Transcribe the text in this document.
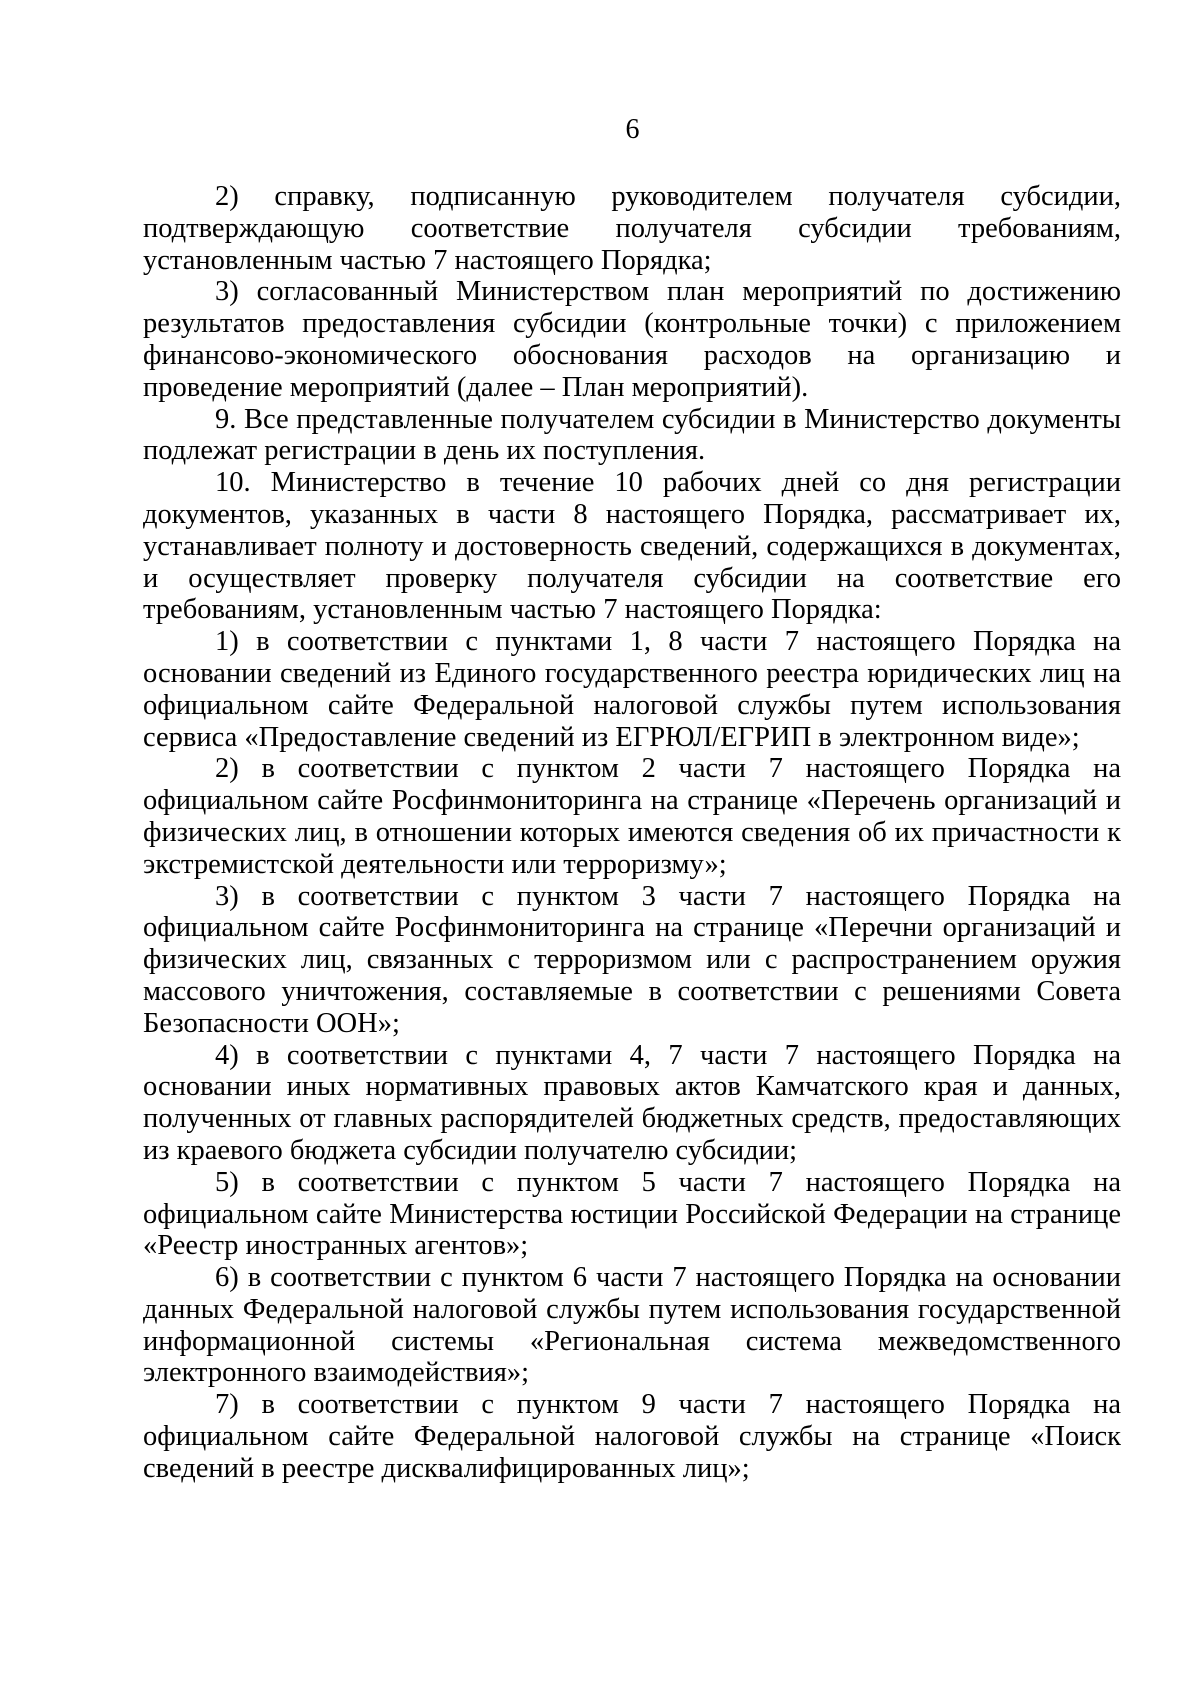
6

2) справку, подписанную руководителем получателя субсидии, подтверждающую соответствие получателя субсидии требованиям, установленным частью 7 настоящего Порядка;

3) согласованный Министерством план мероприятий по достижению результатов предоставления субсидии (контрольные точки) с приложением финансово-экономического обоснования расходов на организацию и проведение мероприятий (далее – План мероприятий).

9. Все представленные получателем субсидии в Министерство документы подлежат регистрации в день их поступления.

10. Министерство в течение 10 рабочих дней со дня регистрации документов, указанных в части 8 настоящего Порядка, рассматривает их, устанавливает полноту и достоверность сведений, содержащихся в документах, и осуществляет проверку получателя субсидии на соответствие его требованиям, установленным частью 7 настоящего Порядка:

1) в соответствии с пунктами 1, 8 части 7 настоящего Порядка на основании сведений из Единого государственного реестра юридических лиц на официальном сайте Федеральной налоговой службы путем использования сервиса «Предоставление сведений из ЕГРЮЛ/ЕГРИП в электронном виде»;

2) в соответствии с пунктом 2 части 7 настоящего Порядка на официальном сайте Росфинмониторинга на странице «Перечень организаций и физических лиц, в отношении которых имеются сведения об их причастности к экстремистской деятельности или терроризму»;

3) в соответствии с пунктом 3 части 7 настоящего Порядка на официальном сайте Росфинмониторинга на странице «Перечни организаций и физических лиц, связанных с терроризмом или с распространением оружия массового уничтожения, составляемые в соответствии с решениями Совета Безопасности ООН»;

4) в соответствии с пунктами 4, 7 части 7 настоящего Порядка на основании иных нормативных правовых актов Камчатского края и данных, полученных от главных распорядителей бюджетных средств, предоставляющих из краевого бюджета субсидии получателю субсидии;

5) в соответствии с пунктом 5 части 7 настоящего Порядка на официальном сайте Министерства юстиции Российской Федерации на странице «Реестр иностранных агентов»;

6) в соответствии с пунктом 6 части 7 настоящего Порядка на основании данных Федеральной налоговой службы путем использования государственной информационной системы «Региональная система межведомственного электронного взаимодействия»;

7) в соответствии с пунктом 9 части 7 настоящего Порядка на официальном сайте Федеральной налоговой службы на странице «Поиск сведений в реестре дисквалифицированных лиц»;
